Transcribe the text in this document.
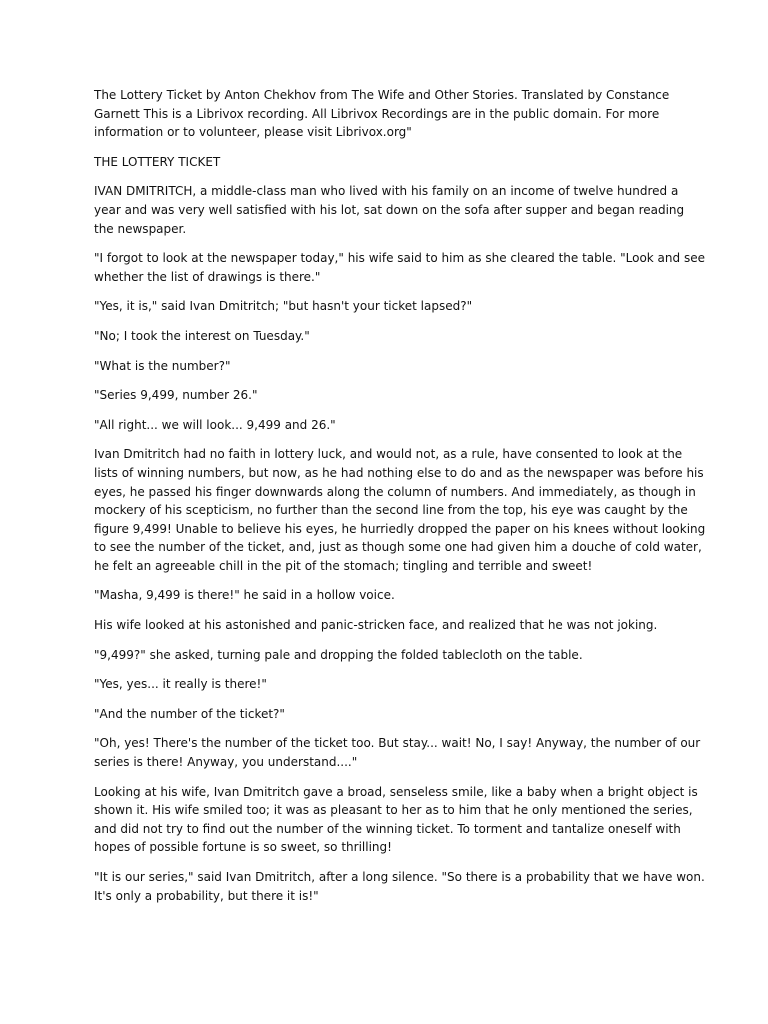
The Lottery Ticket by Anton Chekhov from The Wife and Other Stories. Translated by Constance Garnett This is a Librivox recording. All Librivox Recordings are in the public domain. For more information or to volunteer, please visit Librivox.org"

THE LOTTERY TICKET

IVAN DMITRITCH, a middle-class man who lived with his family on an income of twelve hundred a year and was very well satisfied with his lot, sat down on the sofa after supper and began reading the newspaper.

"I forgot to look at the newspaper today," his wife said to him as she cleared the table. "Look and see whether the list of drawings is there."

"Yes, it is," said Ivan Dmitritch; "but hasn't your ticket lapsed?"

"No; I took the interest on Tuesday."

"What is the number?"

"Series 9,499, number 26."

"All right... we will look... 9,499 and 26."

Ivan Dmitritch had no faith in lottery luck, and would not, as a rule, have consented to look at the lists of winning numbers, but now, as he had nothing else to do and as the newspaper was before his eyes, he passed his finger downwards along the column of numbers. And immediately, as though in mockery of his scepticism, no further than the second line from the top, his eye was caught by the figure 9,499! Unable to believe his eyes, he hurriedly dropped the paper on his knees without looking to see the number of the ticket, and, just as though some one had given him a douche of cold water, he felt an agreeable chill in the pit of the stomach; tingling and terrible and sweet!

"Masha, 9,499 is there!" he said in a hollow voice.

His wife looked at his astonished and panic-stricken face, and realized that he was not joking.

"9,499?" she asked, turning pale and dropping the folded tablecloth on the table.

"Yes, yes... it really is there!"

"And the number of the ticket?"

"Oh, yes! There's the number of the ticket too. But stay... wait! No, I say! Anyway, the number of our series is there! Anyway, you understand...."

Looking at his wife, Ivan Dmitritch gave a broad, senseless smile, like a baby when a bright object is shown it. His wife smiled too; it was as pleasant to her as to him that he only mentioned the series, and did not try to find out the number of the winning ticket. To torment and tantalize oneself with hopes of possible fortune is so sweet, so thrilling!

"It is our series," said Ivan Dmitritch, after a long silence. "So there is a probability that we have won. It's only a probability, but there it is!"
